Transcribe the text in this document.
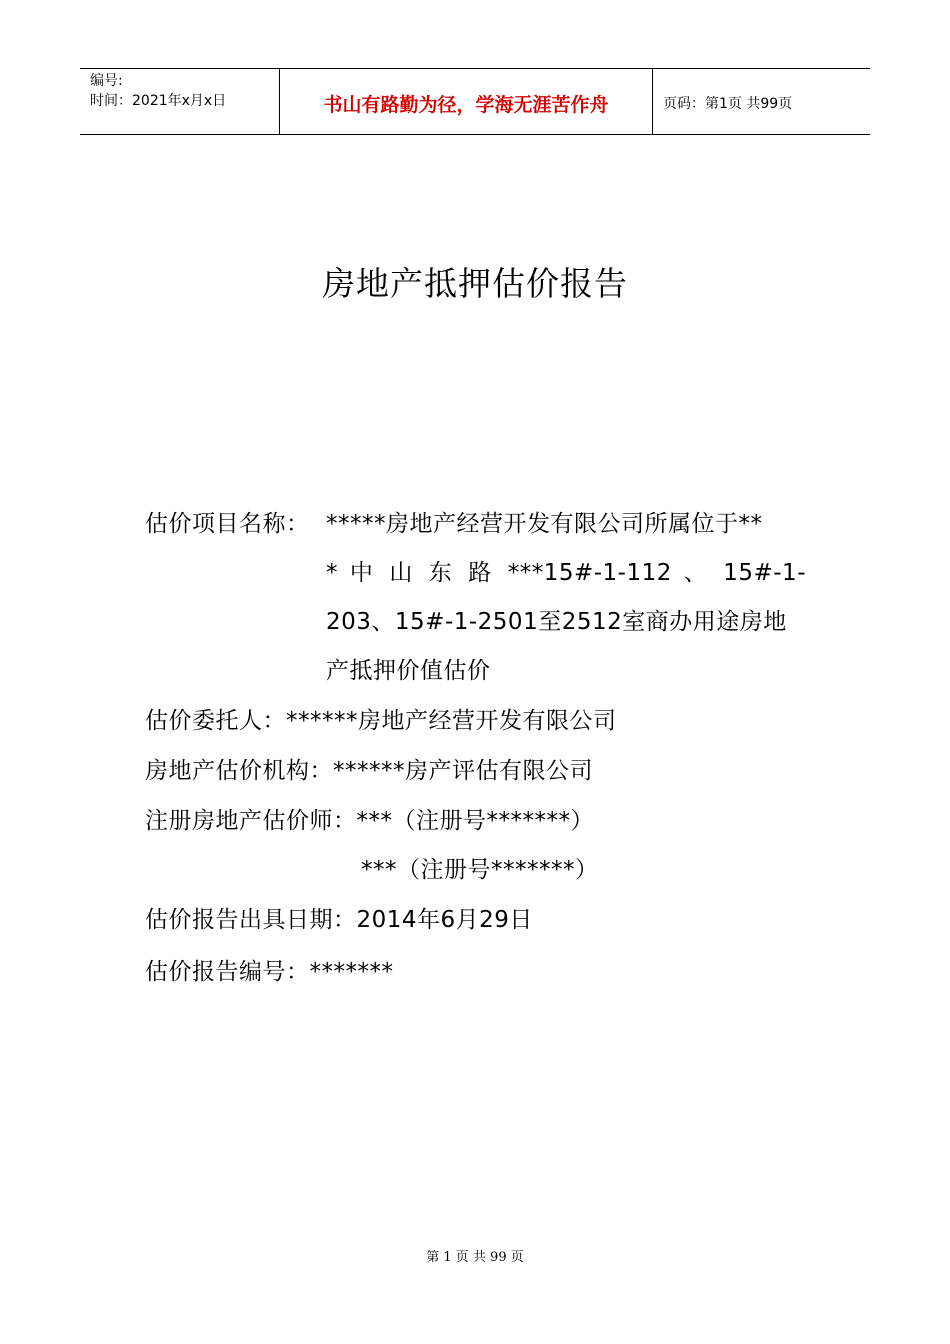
编号:
时间：2021年x月x日	书山有路勤为径，学海无涯苦作舟	页码：第1页 共99页
房地产抵押估价报告
估价项目名称： *****房地产经营开发有限公司所属位于**
* 中 山 东 路 ***15#-1-112 、 15#-1-
203、15#-1-2501至2512室商办用途房地
产抵押价值估价
估价委托人：******房地产经营开发有限公司
房地产估价机构：******房产评估有限公司
注册房地产估价师：***（注册号*******）
***（注册号*******）
估价报告出具日期：2014年6月29日
估价报告编号：*******
第 1 页 共 99 页
